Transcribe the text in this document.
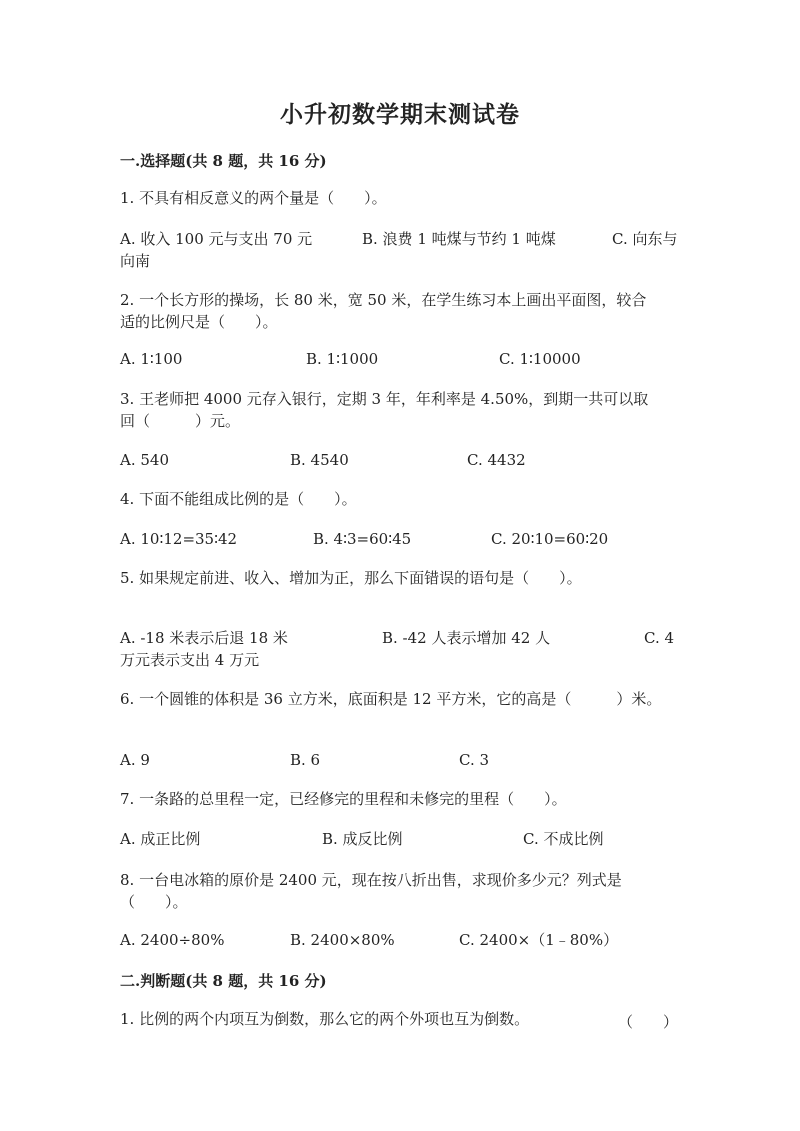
小升初数学期末测试卷
一.选择题(共 8 题，共 16 分)
1. 不具有相反意义的两个量是（　　）。
A. 收入 100 元与支出 70 元	B. 浪费 1 吨煤与节约 1 吨煤	C. 向东与
向南
2. 一个长方形的操场，长 80 米，宽 50 米，在学生练习本上画出平面图，较合
适的比例尺是（　　）。
A. 1∶100	B. 1∶1000	C. 1∶10000
3. 王老师把 4000 元存入银行，定期 3 年，年利率是 4.50%，到期一共可以取
回（　　　）元。
A. 540	B. 4540	C. 4432
4. 下面不能组成比例的是（　　）。
A. 10∶12=35∶42	B. 4∶3=60∶45	C. 20∶10=60∶20
5. 如果规定前进、收入、增加为正，那么下面错误的语句是（　　）。
A. -18 米表示后退 18 米	B. -42 人表示增加 42 人	C. 4
万元表示支出 4 万元
6. 一个圆锥的体积是 36 立方米，底面积是 12 平方米，它的高是（　　　）米。
A. 9	B. 6	C. 3
7. 一条路的总里程一定，已经修完的里程和未修完的里程（　　）。
A. 成正比例	B. 成反比例	C. 不成比例
8. 一台电冰箱的原价是 2400 元，现在按八折出售，求现价多少元？列式是
（　　）。
A. 2400÷80%	B. 2400×80%	C. 2400×（1﹣80%）
二.判断题(共 8 题，共 16 分)
1. 比例的两个内项互为倒数，那么它的两个外项也互为倒数。	（　　）
